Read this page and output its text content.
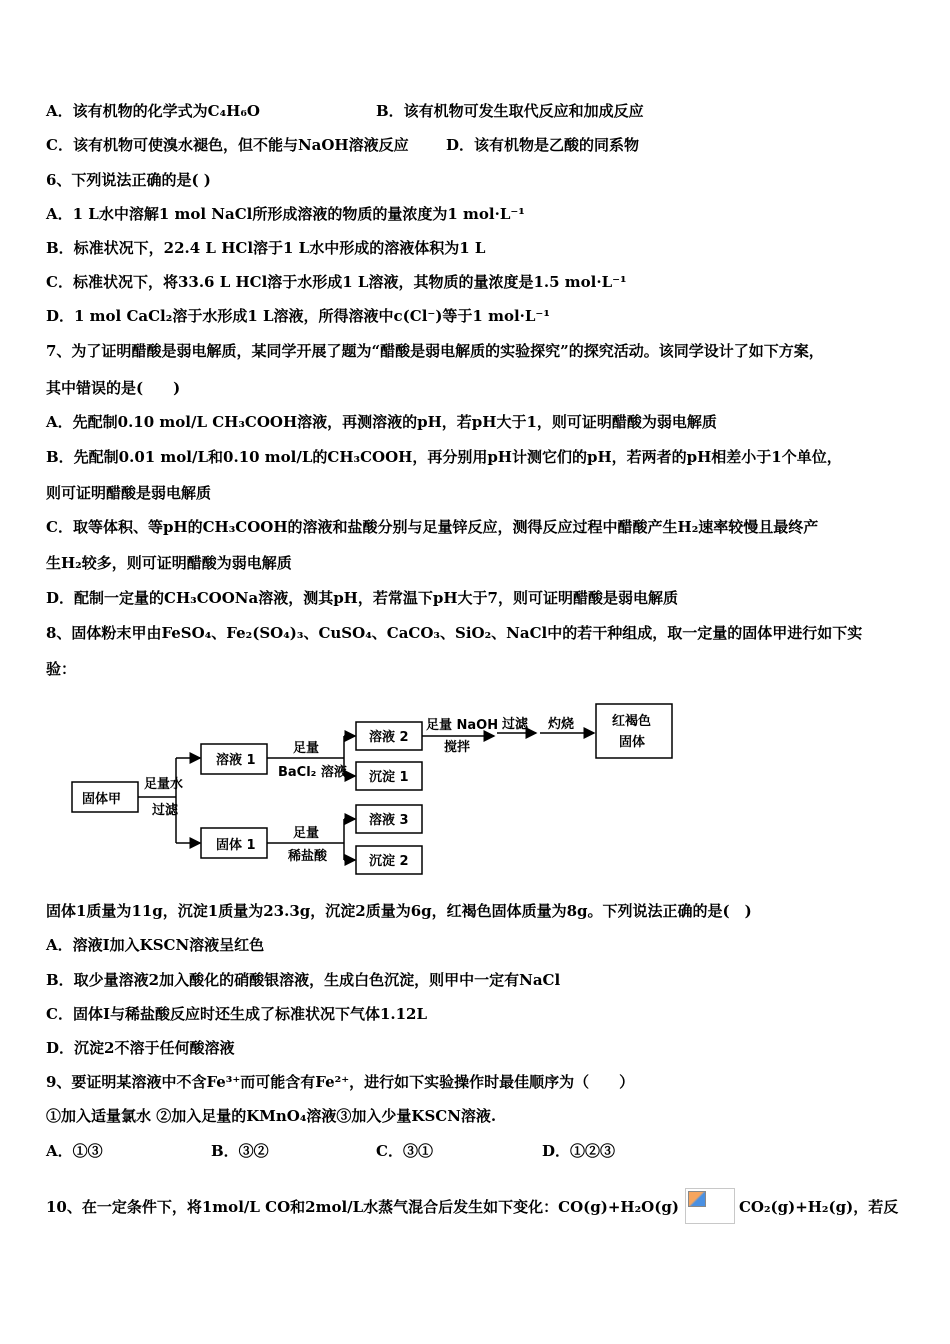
A．该有机物的化学式为C₄H₆O	B．该有机物可发生取代反应和加成反应
C．该有机物可使溴水褪色，但不能与NaOH溶液反应 D．该有机物是乙酸的同系物
6、下列说法正确的是( )
A．1 L水中溶解1 mol NaCl所形成溶液的物质的量浓度为1 mol·L⁻¹
B．标准状况下，22.4 L HCl溶于1 L水中形成的溶液体积为1 L
C．标准状况下，将33.6 L HCl溶于水形成1 L溶液，其物质的量浓度是1.5 mol·L⁻¹
D．1 mol CaCl₂溶于水形成1 L溶液，所得溶液中c(Cl⁻)等于1 mol·L⁻¹
7、为了证明醋酸是弱电解质，某同学开展了题为“醋酸是弱电解质的实验探究”的探究活动。该同学设计了如下方案，
其中错误的是(　　)
A．先配制0.10 mol/L CH₃COOH溶液，再测溶液的pH，若pH大于1，则可证明醋酸为弱电解质
B．先配制0.01 mol/L和0.10 mol/L的CH₃COOH，再分别用pH计测它们的pH，若两者的pH相差小于1个单位，
则可证明醋酸是弱电解质
C．取等体积、等pH的CH₃COOH的溶液和盐酸分别与足量锌反应，测得反应过程中醋酸产生H₂速率较慢且最终产
生H₂较多，则可证明醋酸为弱电解质
D．配制一定量的CH₃COONa溶液，测其pH，若常温下pH大于7，则可证明醋酸是弱电解质
8、固体粉末甲由FeSO₄、Fe₂(SO₄)₃、CuSO₄、CaCO₃、SiO₂、NaCl中的若干种组成，取一定量的固体甲进行如下实
验：
固体甲
足量水
过滤
溶液 1
固体 1
足量
BaCl₂ 溶液
足量
稀盐酸
溶液 2
沉淀 1
溶液 3
沉淀 2
足量 NaOH
搅拌
过滤 灼烧	红褐色
固体
固体1质量为11g，沉淀1质量为23.3g，沉淀2质量为6g，红褐色固体质量为8g。下列说法正确的是(　)
A．溶液Ⅰ加入KSCN溶液呈红色
B．取少量溶液2加入酸化的硝酸银溶液，生成白色沉淀，则甲中一定有NaCl
C．固体Ⅰ与稀盐酸反应时还生成了标准状况下气体1.12L
D．沉淀2不溶于任何酸溶液
9、要证明某溶液中不含Fe³⁺而可能含有Fe²⁺，进行如下实验操作时最佳顺序为（　　）
①加入适量氯水 ②加入足量的KMnO₄溶液③加入少量KSCN溶液.
A．①③	B．③②	C．③①	D．①②③
10、在一定条件下，将1mol/L CO和2mol/L水蒸气混合后发生如下变化：CO(g)+H₂O(g)	CO₂(g)+H₂(g)，若反
